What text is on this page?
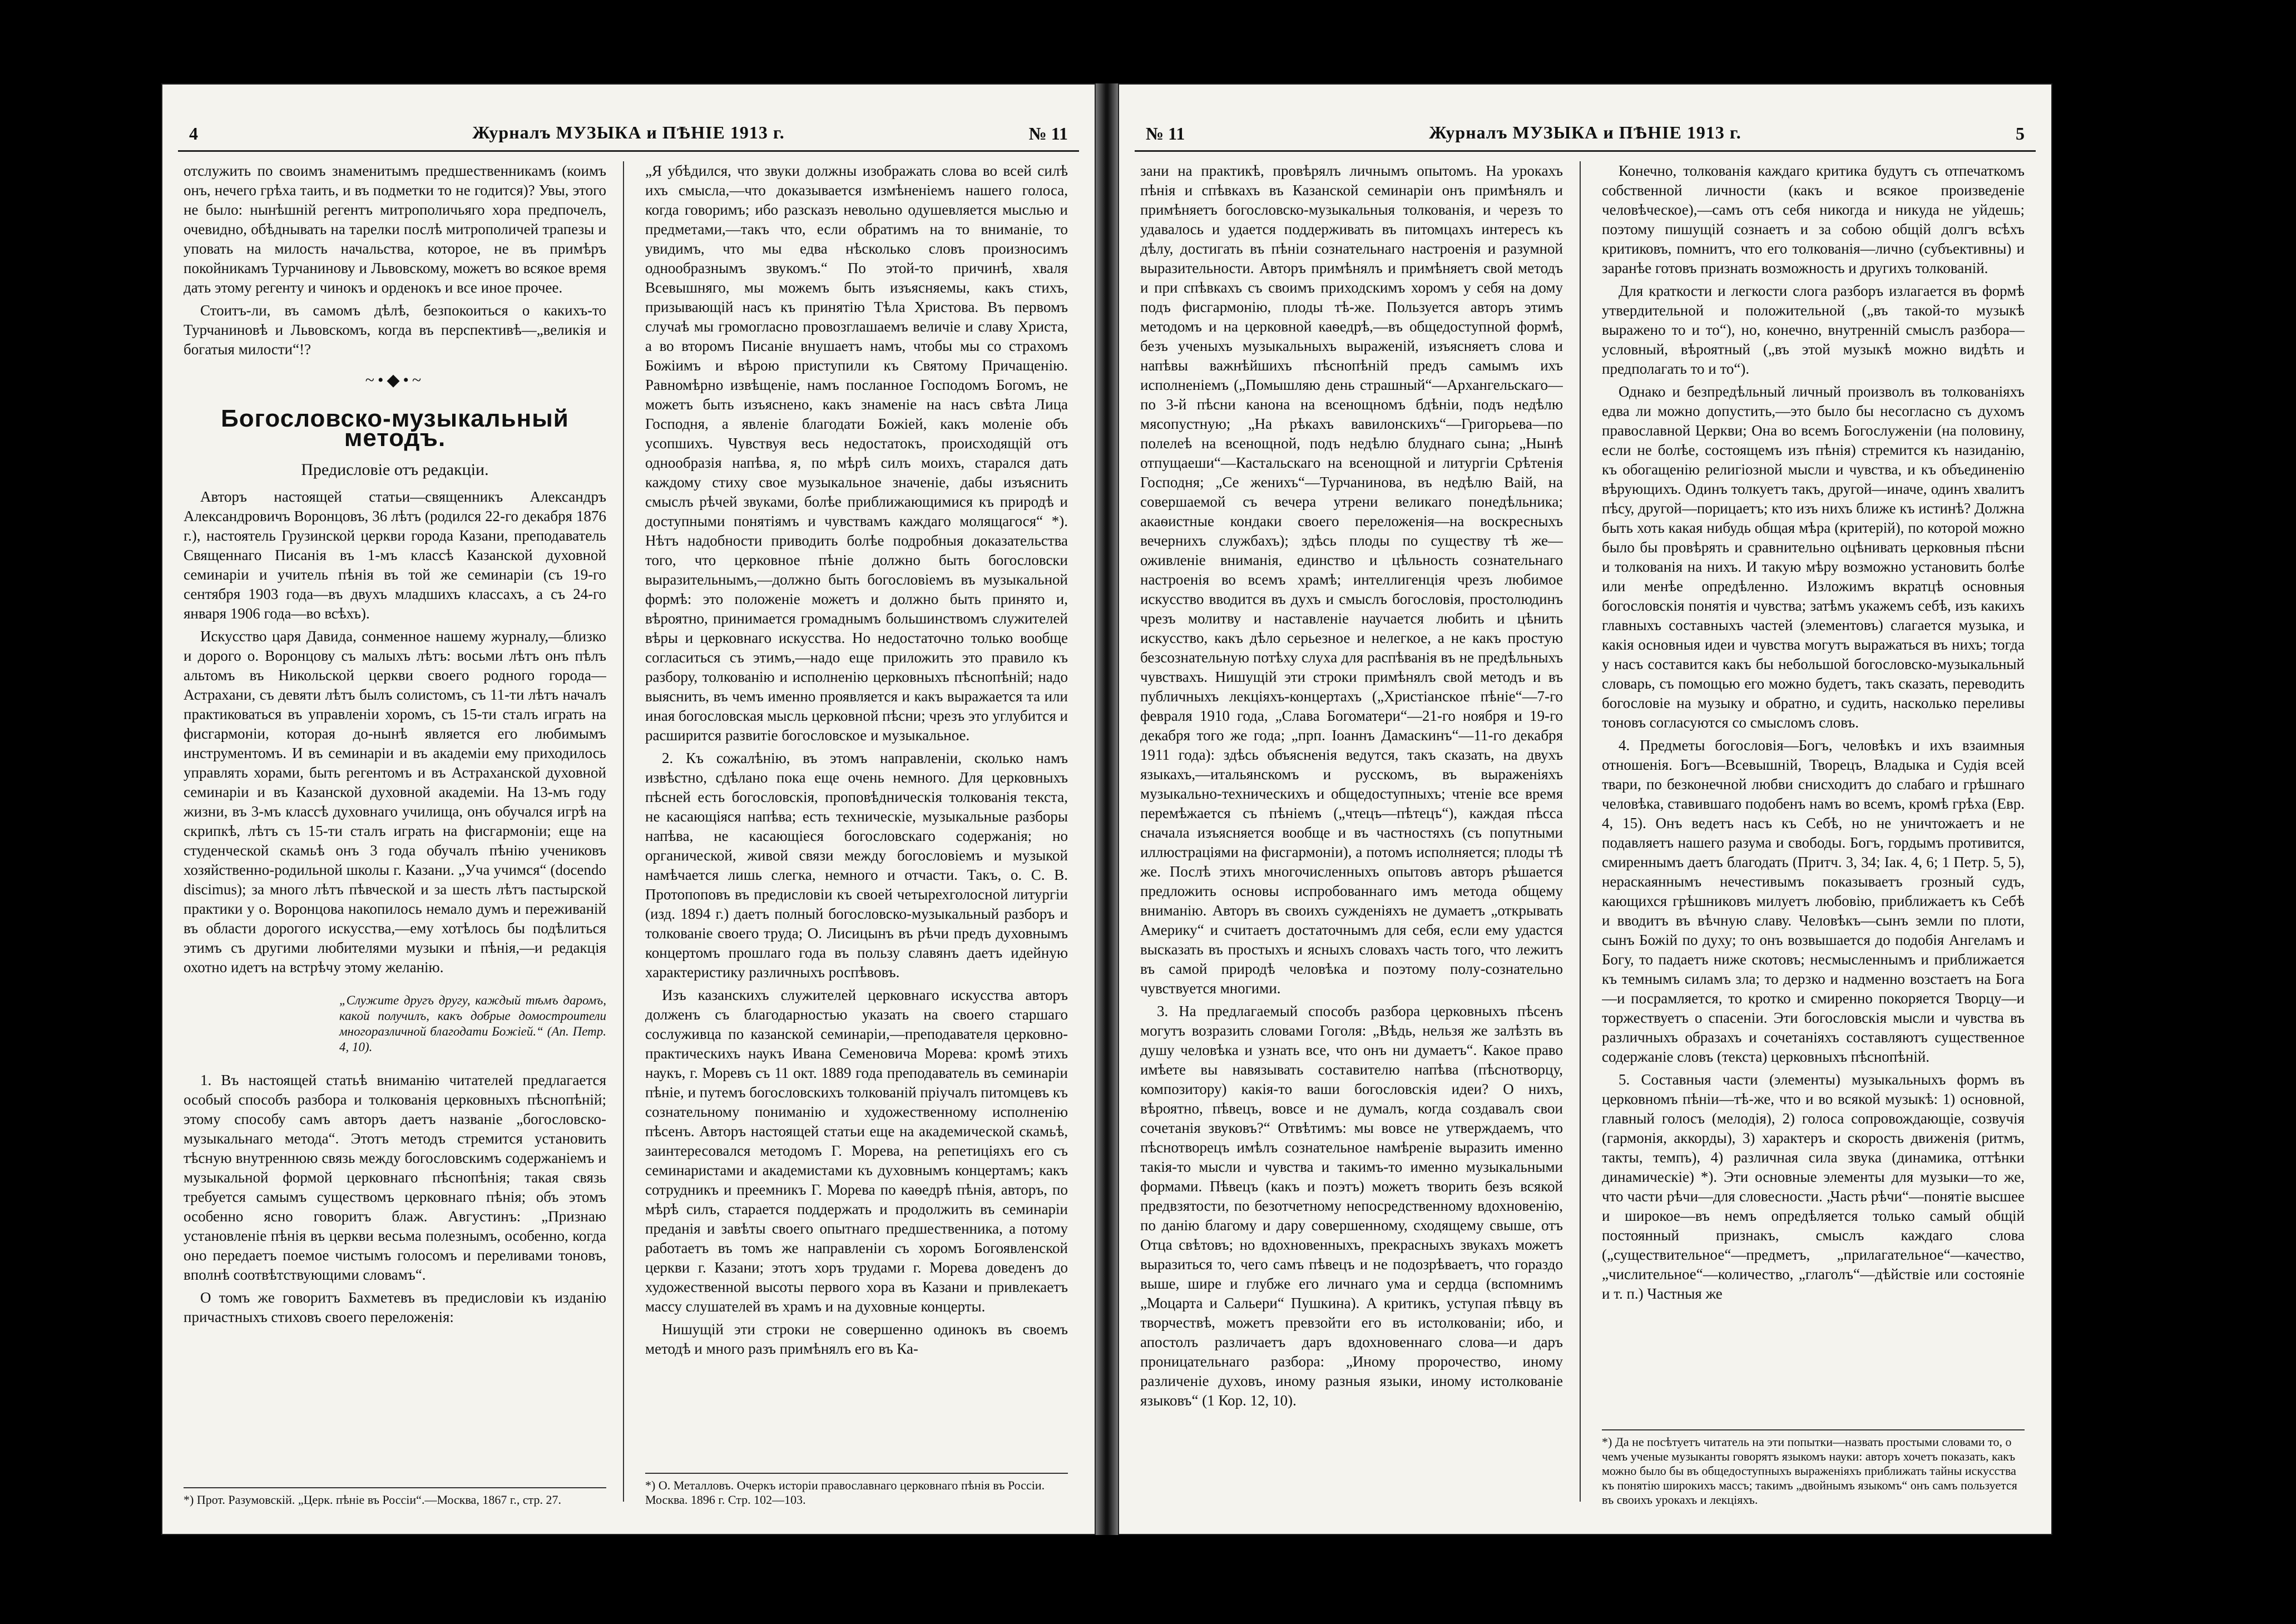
4	Журналъ МУЗЫКА и ПѢНІЕ 1913 г.	№ 11

отслужить по своимъ знаменитымъ предшественникамъ (коимъ онъ, нечего грѣха таить, и въ подметки то не годится)? Увы, этого не было: нынѣшній регентъ митрополичьяго хора предпочелъ, очевидно, обѣднывать на тарелки послѣ митрополичей трапезы и уповать на милость начальства, которое, не въ примѣръ покойникамъ Турчанинову и Львовскому, можетъ во всякое время дать этому регенту и чинокъ и орденокъ и все иное прочее.

Стоитъ-ли, въ самомъ дѣлѣ, безпокоиться о какихъ-то Турчаниновѣ и Львовскомъ, когда въ перспективѣ—„великія и богатыя милости“!?

~•◆•~
Богословско-музыкальный методъ.
Предисловіе отъ редакціи.

Авторъ настоящей статьи—священникъ Александръ Александровичъ Воронцовъ, 36 лѣтъ (родился 22-го декабря 1876 г.), настоятель Грузинской церкви города Казани, преподаватель Священнаго Писанія въ 1-мъ классѣ Казанской духовной семинаріи и учитель пѣнія въ той же семинаріи (съ 19-го сентября 1903 года—въ двухъ младшихъ классахъ, а съ 24-го января 1906 года—во всѣхъ).

Искусство царя Давида, сонменное нашему журналу,—близко и дорого о. Воронцову съ малыхъ лѣтъ: восьми лѣтъ онъ пѣлъ альтомъ въ Никольской церкви своего родного города—Астрахани, съ девяти лѣтъ былъ солистомъ, съ 11-ти лѣтъ началъ практиковаться въ управленіи хоромъ, съ 15-ти сталъ играть на фисгармоніи, которая до-нынѣ является его любимымъ инструментомъ. И въ семинаріи и въ академіи ему приходилось управлять хорами, быть регентомъ и въ Астраханской духовной семинаріи и въ Казанской духовной академіи. На 13-мъ году жизни, въ 3-мъ классѣ духовнаго училища, онъ обучался игрѣ на скрипкѣ, лѣтъ съ 15-ти сталъ играть на фисгармоніи; еще на студенческой скамьѣ онъ 3 года обучалъ пѣнію учениковъ хозяйственно-родильной школы г. Казани. „Уча учимся“ (docendo discimus); за много лѣтъ пѣвческой и за шесть лѣтъ пастырской практики у о. Воронцова накопилось немало думъ и переживаній въ области дорогого искусства,—ему хотѣлось бы подѣлиться этимъ съ другими любителями музыки и пѣнія,—и редакція охотно идетъ на встрѣчу этому желанію.

„Служите другъ другу, каждый тѣмъ даромъ, какой получилъ, какъ добрые домостроители многоразличной благодати Божіей.“ (Ап. Петр. 4, 10).

1. Въ настоящей статьѣ вниманію читателей предлагается особый способъ разбора и толкованія церковныхъ пѣснопѣній; этому способу самъ авторъ даетъ названіе „богословско-музыкальнаго метода“. Этотъ методъ стремится установить тѣсную внутреннюю связь между богословскимъ содержаніемъ и музыкальной формой церковнаго пѣснопѣнія; такая связь требуется самымъ существомъ церковнаго пѣнія; объ этомъ особенно ясно говоритъ блаж. Августинъ: „Признаю установленіе пѣнія въ церкви весьма полезнымъ, особенно, когда оно передаетъ поемое чистымъ голосомъ и переливами тоновъ, вполнѣ соотвѣтствующими словамъ“.

О томъ же говоритъ Бахметевъ въ предисловіи къ изданію причастныхъ стиховъ своего переложенія:

*) Прот. Разумовскій. „Церк. пѣніе въ Россіи“.—Москва, 1867 г., стр. 27.

„Я убѣдился, что звуки должны изображать слова во всей силѣ ихъ смысла,—что доказывается измѣненіемъ нашего голоса, когда говоримъ; ибо разсказъ невольно одушевляется мыслью и предметами,—такъ что, если обратимъ на то вниманіе, то увидимъ, что мы едва нѣсколько словъ произносимъ однообразнымъ звукомъ.“ По этой-то причинѣ, хваля Всевышняго, мы можемъ быть изъясняемы, какъ стихъ, призывающій насъ къ принятію Тѣла Христова. Въ первомъ случаѣ мы громогласно провозглашаемъ величіе и славу Христа, а во второмъ Писаніе внушаетъ намъ, чтобы мы со страхомъ Божіимъ и вѣрою приступили къ Святому Причащенію. Равномѣрно извѣщеніе, намъ посланное Господомъ Богомъ, не можетъ быть изъяснено, какъ знаменіе на насъ свѣта Лица Господня, а явленіе благодати Божіей, какъ моленіе объ усопшихъ. Чувствуя весь недостатокъ, происходящій отъ однообразія напѣва, я, по мѣрѣ силъ моихъ, старался дать каждому стиху свое музыкальное значеніе, дабы изъяснить смыслъ рѣчей звуками, болѣе приближающимися къ природѣ и доступными понятіямъ и чувствамъ каждаго молящагося“ *). Нѣтъ надобности приводить болѣе подробныя доказательства того, что церковное пѣніе должно быть богословски выразительнымъ,—должно быть богословіемъ въ музыкальной формѣ: это положеніе можетъ и должно быть принято и, вѣроятно, принимается громаднымъ большинствомъ служителей вѣры и церковнаго искусства. Но недостаточно только вообще согласиться съ этимъ,—надо еще приложить это правило къ разбору, толкованію и исполненію церковныхъ пѣснопѣній; надо выяснить, въ чемъ именно проявляется и какъ выражается та или иная богословская мысль церковной пѣсни; чрезъ это углубится и расширится развитіе богословское и музыкальное.

2. Къ сожалѣнію, въ этомъ направленіи, сколько намъ извѣстно, сдѣлано пока еще очень немного. Для церковныхъ пѣсней есть богословскія, проповѣдническія толкованія текста, не касающіяся напѣва; есть техническіе, музыкальные разборы напѣва, не касающіеся богословскаго содержанія; но органической, живой связи между богословіемъ и музыкой намѣчается лишь слегка, немного и отчасти. Такъ, о. С. В. Протопоповъ въ предисловіи къ своей четырехголосной литургіи (изд. 1894 г.) даетъ полный богословско-музыкальный разборъ и толкованіе своего труда; О. Лисицынъ въ рѣчи предъ духовнымъ концертомъ прошлаго года въ пользу славянъ даетъ идейную характеристику различныхъ роспѣвовъ.

Изъ казанскихъ служителей церковнаго искусства авторъ долженъ съ благодарностью указать на своего старшаго сослуживца по казанской семинаріи,—преподавателя церковно-практическихъ наукъ Ивана Семеновича Морева: кромѣ этихъ наукъ, г. Моревъ съ 11 окт. 1889 года преподаватель въ семинаріи пѣніе, и путемъ богословскихъ толкованій пріучалъ питомцевъ къ сознательному пониманію и художественному исполненію пѣсенъ. Авторъ настоящей статьи еще на академической скамьѣ, заинтересовался методомъ Г. Морева, на репетиціяхъ его съ семинаристами и академистами къ духовнымъ концертамъ; какъ сотрудникъ и преемникъ Г. Морева по каѳедрѣ пѣнія, авторъ, по мѣрѣ силъ, старается поддержать и продолжить въ семинаріи преданія и завѣты своего опытнаго предшественника, а потому работаетъ въ томъ же направленіи съ хоромъ Богоявленской церкви г. Казани; этотъ хоръ трудами г. Морева доведенъ до художественной высоты первого хора въ Казани и привлекаетъ массу слушателей въ храмъ и на духовные концерты.

Нишущій эти строки не совершенно одинокъ въ своемъ методѣ и много разъ примѣнялъ его въ Ка-

*) О. Металловъ. Очеркъ исторіи православнаго церковнаго пѣнія въ Россіи. Москва. 1896 г. Стр. 102—103.
№ 11	Журналъ МУЗЫКА и ПѢНІЕ 1913 г.	5

зани на практикѣ, провѣрялъ личнымъ опытомъ. На урокахъ пѣнія и спѣвкахъ въ Казанской семинаріи онъ примѣнялъ и примѣняетъ богословско-музыкальныя толкованія, и черезъ то удавалось и удается поддерживать въ питомцахъ интересъ къ дѣлу, достигать въ пѣніи сознательнаго настроенія и разумной выразительности. Авторъ примѣнялъ и примѣняетъ свой методъ и при спѣвкахъ съ своимъ приходскимъ хоромъ у себя на дому подъ фисгармонію, плоды тѣ-же. Пользуется авторъ этимъ методомъ и на церковной каѳедрѣ,—въ общедоступной формѣ, безъ ученыхъ музыкальныхъ выраженій, изъясняетъ слова и напѣвы важнѣйшихъ пѣснопѣній предъ самымъ ихъ исполненіемъ („Помышляю день страшный“—Архангельскаго—по 3-й пѣсни канона на всенощномъ бдѣніи, подъ недѣлю мясопустную; „На рѣкахъ вавилонскихъ“—Григорьева—по полелеѣ на всенощной, подъ недѣлю блуднаго сына; „Нынѣ отпущаеши“—Кастальскаго на всенощной и литургіи Срѣтенія Господня; „Се женихъ“—Турчанинова, въ недѣлю Ваій, на совершаемой съ вечера утрени великаго понедѣльника; акаѳистные кондаки своего переложенія—на воскресныхъ вечернихъ службахъ); здѣсь плоды по существу тѣ же—оживленіе вниманія, единство и цѣльность сознательнаго настроенія во всемъ храмѣ; интеллигенція чрезъ любимое искусство вводится въ духъ и смыслъ богословія, простолюдинъ чрезъ молитву и наставленіе научается любить и цѣнить искусство, какъ дѣло серьезное и нелегкое, а не какъ простую безсознательную потѣху слуха для распѣванія въ не предѣльныхъ чувствахъ. Нишущій эти строки примѣнялъ свой методъ и въ публичныхъ лекціяхъ-концертахъ („Христіанское пѣніе“—7-го февраля 1910 года, „Слава Богоматери“—21-го ноября и 19-го декабря того же года; „прп. Іоаннъ Дамаскинъ“—11-го декабря 1911 года): здѣсь объясненія ведутся, такъ сказать, на двухъ языкахъ,—итальянскомъ и русскомъ, въ выраженіяхъ музыкально-техническихъ и общедоступныхъ; чтеніе все время перемѣжается съ пѣніемъ („чтецъ—пѣтецъ“), каждая пѣсса сначала изъясняется вообще и въ частностяхъ (съ попутными иллюстраціями на фисгармоніи), а потомъ исполняется; плоды тѣ же. Послѣ этихъ многочисленныхъ опытовъ авторъ рѣшается предложить основы испробованнаго имъ метода общему вниманію. Авторъ въ своихъ сужденіяхъ не думаетъ „открывать Америку“ и считаетъ достаточнымъ для себя, если ему удастся высказать въ простыхъ и ясныхъ словахъ часть того, что лежитъ въ самой природѣ человѣка и поэтому полу-сознательно чувствуется многими.

3. На предлагаемый способъ разбора церковныхъ пѣсенъ могутъ возразить словами Гоголя: „Вѣдь, нельзя же залѣзть въ душу человѣка и узнать все, что онъ ни думаетъ“. Какое право имѣете вы навязывать составителю напѣва (пѣснотворцу, композитору) какія-то ваши богословскія идеи? О нихъ, вѣроятно, пѣвецъ, вовсе и не думалъ, когда создавалъ свои сочетанія звуковъ?“ Отвѣтимъ: мы вовсе не утверждаемъ, что пѣснотворецъ имѣлъ сознательное намѣреніе выразить именно такія-то мысли и чувства и такимъ-то именно музыкальными формами. Пѣвецъ (какъ и поэтъ) можетъ творить безъ всякой предвзятости, по безотчетному непосредственному вдохновенію, по данію благому и дару совершенному, сходящему свыше, отъ Отца свѣтовъ; но вдохновенныхъ, прекрасныхъ звукахъ можетъ выразиться то, чего самъ пѣвецъ и не подозрѣваетъ, что гораздо выше, шире и глубже его личнаго ума и сердца (вспомнимъ „Моцарта и Сальери“ Пушкина). А критикъ, уступая пѣвцу въ творчествѣ, можетъ превзойти его въ истолкованіи; ибо, и апостолъ различаетъ даръ вдохновеннаго слова—и даръ проницательнаго разбора: „Иному пророчество, иному различеніе духовъ, иному разныя языки, иному истолкованіе языковъ“ (1 Кор. 12, 10).

Конечно, толкованія каждаго критика будутъ съ отпечаткомъ собственной личности (какъ и всякое произведеніе человѣческое),—самъ отъ себя никогда и никуда не уйдешь; поэтому пишущій сознаетъ и за собою общій долгъ всѣхъ критиковъ, помнитъ, что его толкованія—лично (субъективны) и заранѣе готовъ признать возможность и другихъ толкованій.

Для краткости и легкости слога разборъ излагается въ формѣ утвердительной и положительной („въ такой-то музыкѣ выражено то и то“), но, конечно, внутренній смыслъ разбора—условный, вѣроятный („въ этой музыкѣ можно видѣть и предполагать то и то“).

Однако и безпредѣльный личный произволъ въ толкованіяхъ едва ли можно допустить,—это было бы несогласно съ духомъ православной Церкви; Она во всемъ Богослуженіи (на половину, если не болѣе, состоящемъ изъ пѣнія) стремится къ назиданію, къ обогащенію религіозной мысли и чувства, и къ объединенію вѣрующихъ. Одинъ толкуетъ такъ, другой—иначе, одинъ хвалитъ пѣсу, другой—порицаетъ; кто изъ нихъ ближе къ истинѣ? Должна быть хоть какая нибудь общая мѣра (критерій), по которой можно было бы провѣрять и сравнительно оцѣнивать церковныя пѣсни и толкованія на нихъ. И такую мѣру возможно установить болѣе или менѣе опредѣленно. Изложимъ вкратцѣ основныя богословскія понятія и чувства; затѣмъ укажемъ себѣ, изъ какихъ главныхъ составныхъ частей (элементовъ) слагается музыка, и какія основныя идеи и чувства могутъ выражаться въ нихъ; тогда у насъ составится какъ бы небольшой богословско-музыкальный словарь, съ помощью его можно будетъ, такъ сказать, переводить богословіе на музыку и обратно, и судить, насколько переливы тоновъ согласуются со смысломъ словъ.

4. Предметы богословія—Богъ, человѣкъ и ихъ взаимныя отношенія. Богъ—Всевышній, Творецъ, Владыка и Судія всей твари, по безконечной любви снисходитъ до слабаго и грѣшнаго человѣка, ставившаго подобенъ намъ во всемъ, кромѣ грѣха (Евр. 4, 15). Онъ ведетъ насъ къ Себѣ, но не уничтожаетъ и не подавляетъ нашего разума и свободы. Богъ, гордымъ противится, смиреннымъ даетъ благодать (Притч. 3, 34; Іак. 4, 6; 1 Петр. 5, 5), нераскаяннымъ нечестивымъ показываетъ грозный судъ, кающихся грѣшниковъ милуетъ любовію, приближаетъ къ Себѣ и вводитъ въ вѣчную славу. Человѣкъ—сынъ земли по плоти, сынъ Божій по духу; то онъ возвышается до подобія Ангеламъ и Богу, то падаетъ ниже скотовъ; несмысленнымъ и приближается къ темнымъ силамъ зла; то дерзко и надменно возстаетъ на Бога—и посрамляется, то кротко и смиренно покоряется Творцу—и торжествуетъ о спасеніи. Эти богословскія мысли и чувства въ различныхъ образахъ и сочетаніяхъ составляютъ существенное содержаніе словъ (текста) церковныхъ пѣснопѣній.

5. Составныя части (элементы) музыкальныхъ формъ въ церковномъ пѣніи—тѣ-же, что и во всякой музыкѣ: 1) основной, главный голосъ (мелодія), 2) голоса сопровождающіе, созвучія (гармонія, аккорды), 3) характеръ и скорость движенія (ритмъ, такты, темпъ), 4) различная сила звука (динамика, оттѣнки динамическіе) *). Эти основные элементы для музыки—то же, что части рѣчи—для словесности. „Часть рѣчи“—понятіе высшее и широкое—въ немъ опредѣляется только самый общій постоянный признакъ, смыслъ каждаго слова („существительное“—предметъ, „прилагательное“—качество, „числительное“—количество, „глаголъ“—дѣйствіе или состояніе и т. п.) Частныя же

*) Да не посѣтуетъ читатель на эти попытки—назвать простыми словами то, о чемъ ученые музыканты говорятъ языкомъ науки: авторъ хочетъ показать, какъ можно было бы въ общедоступныхъ выраженіяхъ приближать тайны искусства къ понятію широкихъ массъ; такимъ „двойнымъ языкомъ“ онъ самъ пользуется въ своихъ урокахъ и лекціяхъ.
